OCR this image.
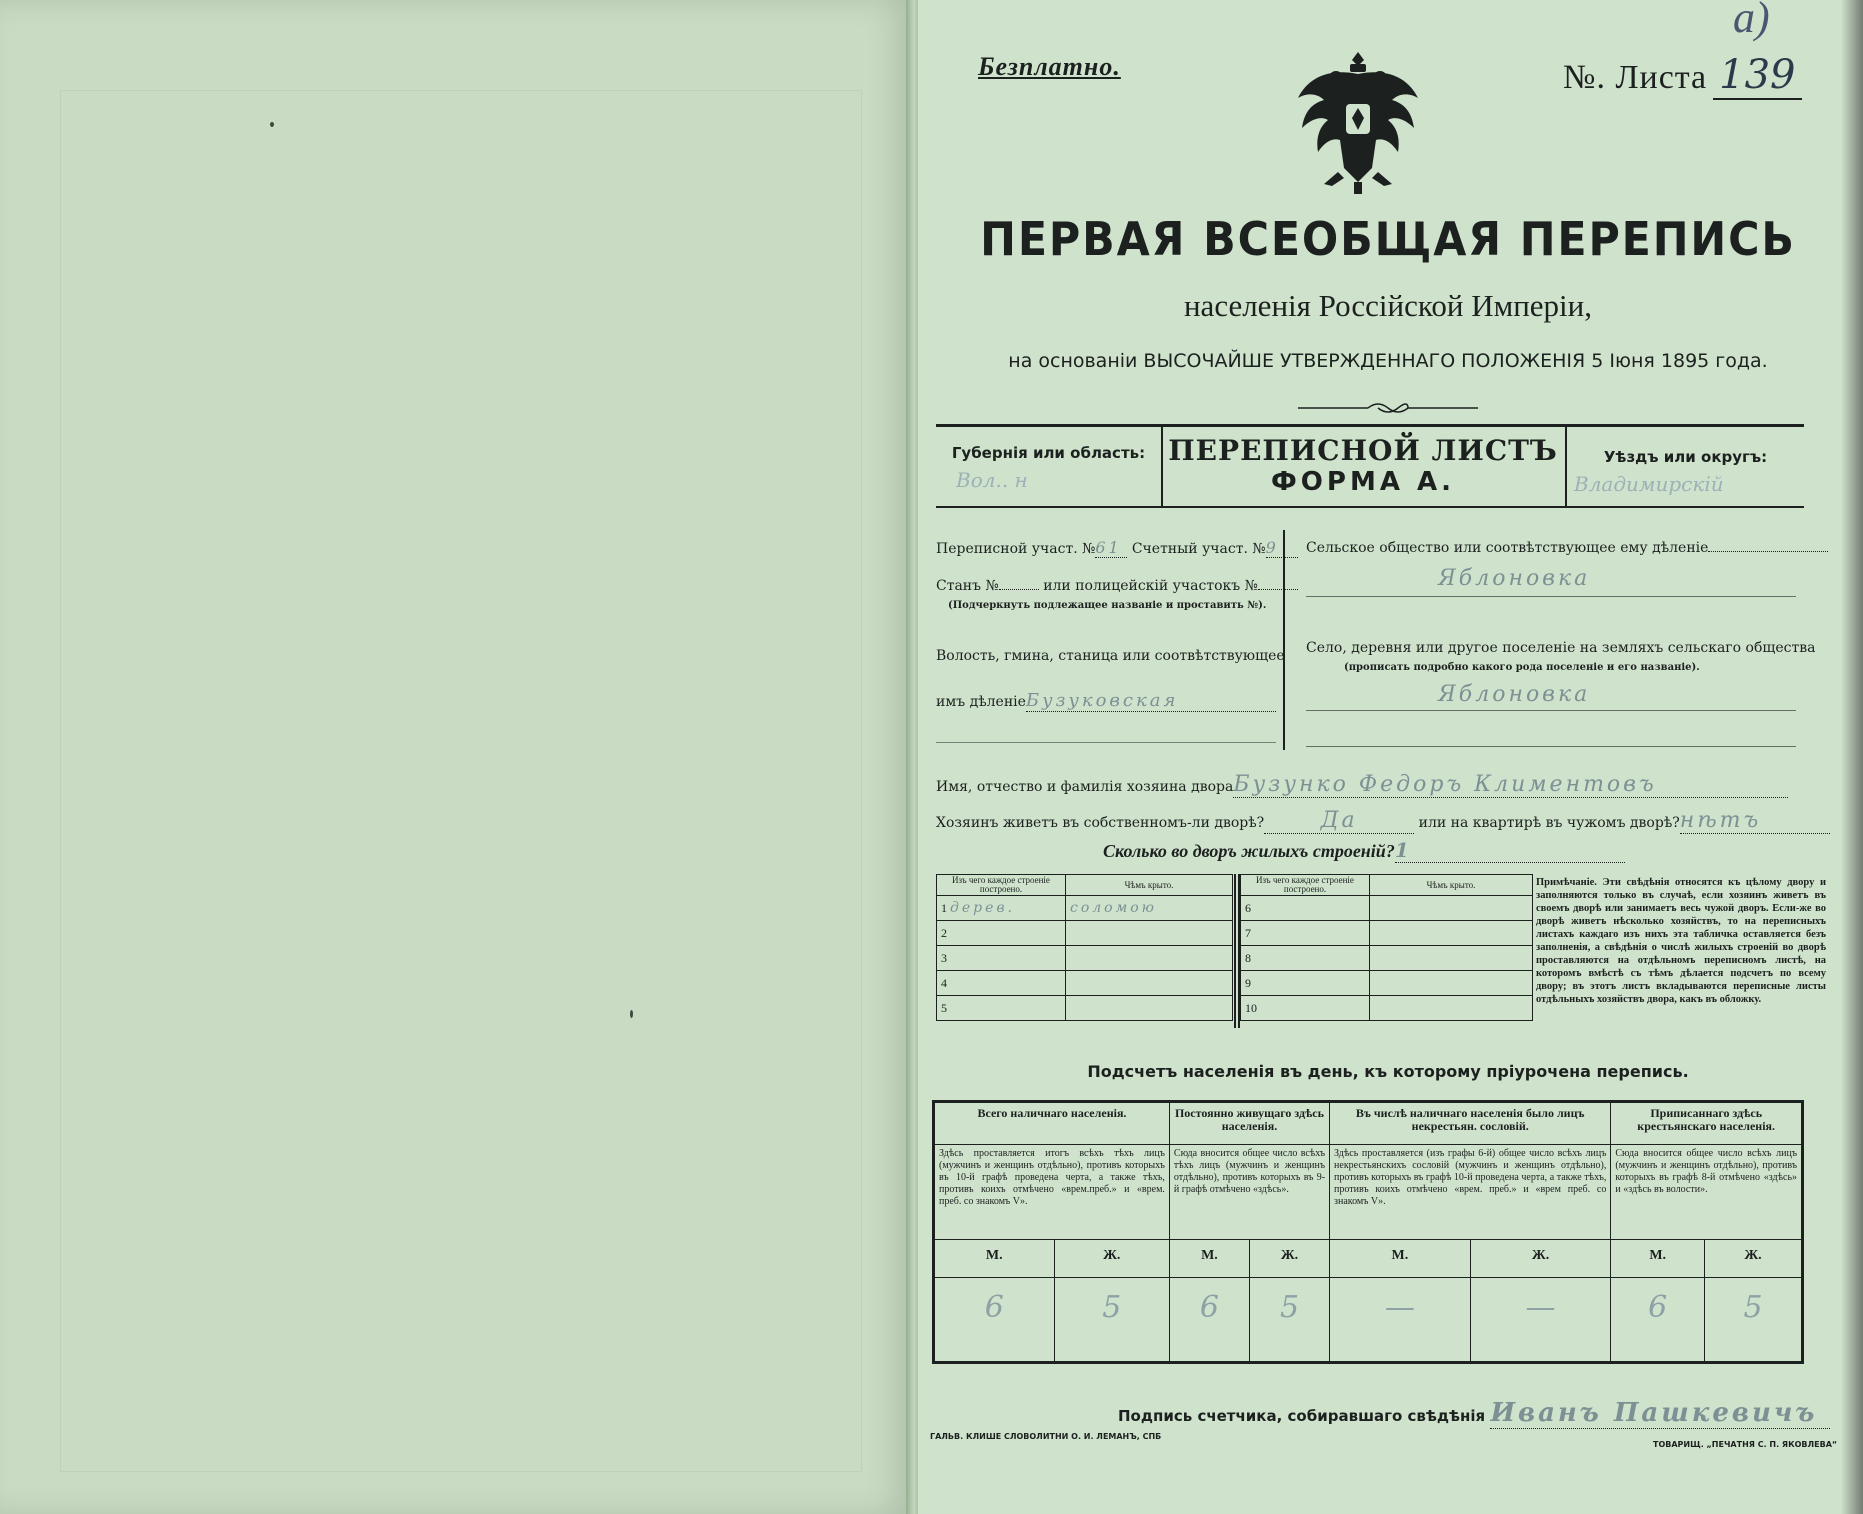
а)
Безплатно.	№. Листа 139
ПЕРВАЯ ВСЕОБЩАЯ ПЕРЕПИСЬ
населенія Россійской Имперіи,
на основаніи ВЫСОЧАЙШЕ УТВЕРЖДЕННАГО ПОЛОЖЕНІЯ 5 Іюня 1895 года.
Губернія или область:
Вол.. н
ПЕРЕПИСНОЙ ЛИСТЪ
ФОРМА А.
Уѣздъ или округъ:
Владимирскій
Переписной участ. №61 Счетный участ. №9
Станъ №	или полицейскій участокъ №
(Подчеркнуть подлежащее названіе и проставить №).
Волость, гмина, станица или соотвѣтствующее
имъ дѣленіеБузуковская
Сельское общество или соотвѣтствующее ему дѣленіе
Яблоновка
Село, деревня или другое поселеніе на земляхъ сельскаго общества
(прописать подробно какого рода поселеніе и его названіе).
Яблоновка
Имя, отчество и фамилія хозяина двораБузунко Федоръ Климентовъ
Хозяинъ живетъ въ собственномъ-ли дворѣ?	Да	или на квартирѣ въ чужомъ дворѣ?нѣтъ
Сколько во дворъ жилыхъ строеній?1
Изъ чего каждое строеніе построено.	Чѣмъ крыто.
1 дерев.	соломою
2	
3	
4	
5	
Изъ чего каждое строеніе построено.	Чѣмъ крыто.
6	
7	
8	
9	
10	
Примѣчаніе. Эти свѣдѣнія относятся къ цѣлому двору и заполняются только въ случаѣ, если хозяинъ живетъ въ своемъ дворѣ или занимаетъ весь чужой дворъ. Если-же во дворѣ живетъ нѣсколько хозяйствъ, то на переписныхъ листахъ каждаго изъ нихъ эта табличка оставляется безъ заполненія, а свѣдѣнія о числѣ жилыхъ строеній во дворѣ проставляются на отдѣльномъ переписномъ листѣ, на которомъ вмѣстѣ съ тѣмъ дѣлается подсчетъ по всему двору; въ этотъ листъ вкладываются переписные листы отдѣльныхъ хозяйствъ двора, какъ въ обложку.
Подсчетъ населенія въ день, къ которому пріурочена перепись.
Всего наличнаго населенія.		Постоянно живущаго здѣсь населенія.		Въ числѣ наличнаго населенія было лицъ некрестьян. сословій.		Приписаннаго здѣсь крестьянскаго населенія.	
Здѣсь проставляется итогъ всѣхъ тѣхъ лицъ (мужчинъ и женщинъ отдѣльно), противъ которыхъ въ 10-й графѣ проведена черта, а также тѣхъ, противъ коихъ отмѣчено «врем.преб.» и «врем. преб. со знакомъ V».		Сюда вносится общее число всѣхъ тѣхъ лицъ (мужчинъ и женщинъ отдѣльно), противъ которыхъ въ 9-й графѣ отмѣчено «здѣсь».		Здѣсь проставляется (изъ графы 6-й) общее число всѣхъ лицъ некрестьянскихъ сословій (мужчинъ и женщинъ отдѣльно), противъ которыхъ въ графѣ 10-й проведена черта, а также тѣхъ, противъ коихъ отмѣчено «врем. преб.» и «врем преб. со знакомъ V».		Сюда вносится общее число всѣхъ лицъ (мужчинъ и женщинъ отдѣльно), противъ которыхъ въ графѣ 8-й отмѣчено «здѣсь» и «здѣсь въ волости».	
М.	Ж.	М.	Ж.	М.	Ж.	М.	Ж.
6	5	6	5	—	—	6	5
Подпись счетчика, собиравшаго свѣдѣнія Иванъ Пашкевичъ
ГАЛЬВ. КЛИШЕ СЛОВОЛИТНИ О. И. ЛЕМАНЪ, СПБ
ТОВАРИЩ. „ПЕЧАТНЯ С. П. ЯКОВЛЕВА“
